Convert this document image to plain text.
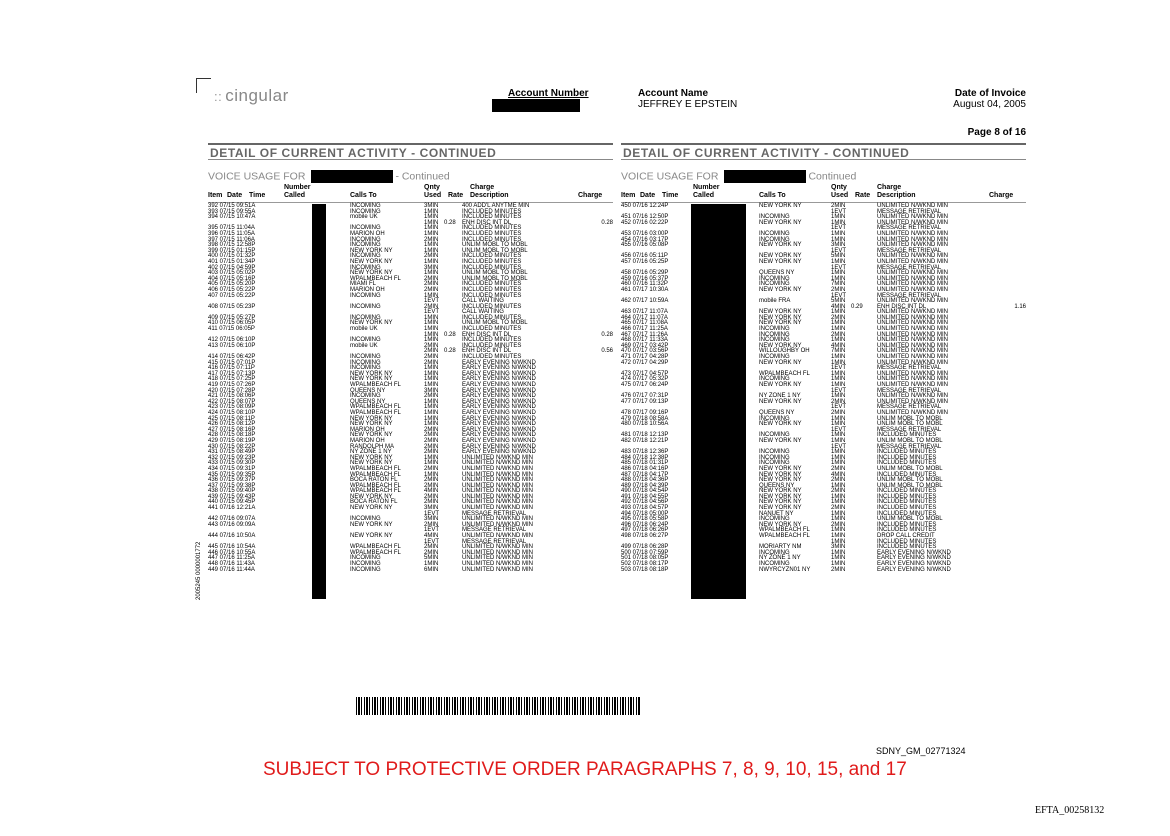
:: cingular	Account Number	Account Name
JEFFREY E EPSTEIN
Date of Invoice
August 04, 2005
Page 8 of 16
DETAIL OF CURRENT ACTIVITY - CONTINUED
VOICE USAGE FOR	- Continued
Number
Item Date Time	Called	Calls To
Qnty
Used Rate
Charge
Description	Charge
392 07/15 09:51A	INCOMING	3MIN	400 ADD'L ANYTME MIN
393 07/15 09:55A	INCOMING	1MIN	INCLUDED MINUTES
394 07/15 10:47A	mobile UK	1MIN	INCLUDED MINUTES
1MIN 0.28 ENH DISC INT DL	0.28
395 07/15 11:04A	INCOMING	1MIN	INCLUDED MINUTES
396 07/15 11:05A	MARION OH	1MIN	INCLUDED MINUTES
397 07/15 11:06A	INCOMING	2MIN	INCLUDED MINUTES
398 07/15 12:58P	INCOMING	1MIN	UNLIM MOBL TO MOBL
399 07/15 01:15P	NEW YORK NY	1MIN	UNLIM MOBL TO MOBL
400 07/15 01:32P	INCOMING	2MIN	INCLUDED MINUTES
401 07/15 01:34P	NEW YORK NY	1MIN	INCLUDED MINUTES
402 07/15 04:59P	INCOMING	3MIN	INCLUDED MINUTES
403 07/15 05:02P	NEW YORK NY	1MIN	UNLIM MOBL TO MOBL
404 07/15 05:16P	WPALMBEACH FL	2MIN	UNLIM MOBL TO MOBL
405 07/15 05:20P	MIAMI FL	2MIN	INCLUDED MINUTES
406 07/15 05:22P	MARION OH	2MIN	INCLUDED MINUTES
407 07/15 05:22P	INCOMING	1MIN	INCLUDED MINUTES
1EVT	CALL WAITING
408 07/15 05:23P	INCOMING	2MIN	INCLUDED MINUTES
1EVT	CALL WAITING
409 07/15 05:27P	INCOMING	1MIN	INCLUDED MINUTES
410 07/15 06:05P	NEW YORK NY	1MIN	UNLIM MOBL TO MOBL
411 07/15 06:05P	mobile UK	1MIN	INCLUDED MINUTES
1MIN 0.28 ENH DISC INT DL	0.28
412 07/15 06:10P	INCOMING	1MIN	INCLUDED MINUTES
413 07/15 06:10P	mobile UK	2MIN	INCLUDED MINUTES
2MIN 0.28 ENH DISC INT DL	0.56
414 07/15 06:42P	INCOMING	2MIN	INCLUDED MINUTES
415 07/15 07:01P	INCOMING	2MIN	EARLY EVENING N/WKND
416 07/15 07:11P	INCOMING	1MIN	EARLY EVENING N/WKND
417 07/15 07:13P	NEW YORK NY	1MIN	EARLY EVENING N/WKND
418 07/15 07:25P	NEW YORK NY	1MIN	EARLY EVENING N/WKND
419 07/15 07:26P	WPALMBEACH FL	1MIN	EARLY EVENING N/WKND
420 07/15 07:28P	QUEENS NY	3MIN	EARLY EVENING N/WKND
421 07/15 08:06P	INCOMING	2MIN	EARLY EVENING N/WKND
422 07/15 08:07P	QUEENS NY	1MIN	EARLY EVENING N/WKND
423 07/15 08:09P	WPALMBEACH FL	1MIN	EARLY EVENING N/WKND
424 07/15 08:10P	WPALMBEACH FL	1MIN	EARLY EVENING N/WKND
425 07/15 08:11P	NEW YORK NY	1MIN	EARLY EVENING N/WKND
426 07/15 08:12P	NEW YORK NY	1MIN	EARLY EVENING N/WKND
427 07/15 08:16P	MARION OH	2MIN	EARLY EVENING N/WKND
428 07/15 08:18P	NEW YORK NY	2MIN	EARLY EVENING N/WKND
429 07/15 08:19P	MARION OH	2MIN	EARLY EVENING N/WKND
430 07/15 08:22P	RANDOLPH MA	2MIN	EARLY EVENING N/WKND
431 07/15 08:49P	NY ZONE 1 NY	2MIN	EARLY EVENING N/WKND
432 07/15 09:23P	NEW YORK NY	1MIN	UNLIMITED N/WKND MIN
433 07/15 09:30P	NEW YORK NY	1MIN	UNLIMITED N/WKND MIN
434 07/15 09:31P	WPALMBEACH FL	2MIN	UNLIMITED N/WKND MIN
435 07/15 09:35P	WPALMBEACH FL	1MIN	UNLIMITED N/WKND MIN
436 07/15 09:37P	BOCA RATON FL	2MIN	UNLIMITED N/WKND MIN
437 07/15 09:38P	WPALMBEACH FL	2MIN	UNLIMITED N/WKND MIN
438 07/15 09:40P	WPALMBEACH FL	4MIN	UNLIMITED N/WKND MIN
439 07/15 09:43P	NEW YORK NY	2MIN	UNLIMITED N/WKND MIN
440 07/15 09:45P	BOCA RATON FL	2MIN	UNLIMITED N/WKND MIN
441 07/16 12:21A	NEW YORK NY	3MIN	UNLIMITED N/WKND MIN
1EVT	MESSAGE RETRIEVAL
442 07/16 09:07A	INCOMING	3MIN	UNLIMITED N/WKND MIN
443 07/16 09:09A	NEW YORK NY	2MIN	UNLIMITED N/WKND MIN
1EVT	MESSAGE RETRIEVAL
444 07/16 10:50A	NEW YORK NY	4MIN	UNLIMITED N/WKND MIN
1EVT	MESSAGE RETRIEVAL
445 07/16 10:54A	WPALMBEACH FL	2MIN	UNLIMITED N/WKND MIN
446 07/16 10:55A	WPALMBEACH FL	2MIN	UNLIMITED N/WKND MIN
447 07/16 11:25A	INCOMING	5MIN	UNLIMITED N/WKND MIN
448 07/16 11:43A	INCOMING	1MIN	UNLIMITED N/WKND MIN
449 07/16 11:44A	INCOMING	6MIN	UNLIMITED N/WKND MIN
DETAIL OF CURRENT ACTIVITY - CONTINUED
VOICE USAGE FOR	Continued
Number
Item Date Time Called	Calls To
Qnty
Used Rate
Charge
Description	Charge
450 07/16 12:24P	NEW YORK NY	2MIN	UNLIMITED N/WKND MIN
1EVT	MESSAGE RETRIEVAL
451 07/16 12:50P	INCOMING	1MIN	UNLIMITED N/WKND MIN
452 07/16 02:22P	NEW YORK NY	1MIN	UNLIMITED N/WKND MIN
1EVT	MESSAGE RETRIEVAL
453 07/16 03:00P	INCOMING	1MIN	UNLIMITED N/WKND MIN
454 07/16 03:17P	INCOMING	1MIN	UNLIMITED N/WKND MIN
455 07/16 05:08P	NEW YORK NY	3MIN	UNLIMITED N/WKND MIN
1EVT	MESSAGE RETRIEVAL
456 07/16 05:11P	NEW YORK NY	5MIN	UNLIMITED N/WKND MIN
457 07/16 05:25P	NEW YORK NY	1MIN	UNLIMITED N/WKND MIN
1EVT	MESSAGE RETRIEVAL
458 07/16 05:29P	QUEENS NY	1MIN	UNLIMITED N/WKND MIN
459 07/16 05:37P	INCOMING	1MIN	UNLIMITED N/WKND MIN
460 07/16 11:32P	INCOMING	7MIN	UNLIMITED N/WKND MIN
461 07/17 10:30A	NEW YORK NY	2MIN	UNLIMITED N/WKND MIN
1EVT	MESSAGE RETRIEVAL
462 07/17 10:59A	mobile FRA	5MIN	UNLIMITED N/WKND MIN
4MIN 0.29 ENH DISC INT DL	1.16
463 07/17 11:07A	NEW YORK NY	1MIN	UNLIMITED N/WKND MIN
464 07/17 11:07A	NEW YORK NY	2MIN	UNLIMITED N/WKND MIN
465 07/17 11:08A	NEW YORK NY	1MIN	UNLIMITED N/WKND MIN
466 07/17 11:25A	INCOMING	1MIN	UNLIMITED N/WKND MIN
467 07/17 11:26A	INCOMING	2MIN	UNLIMITED N/WKND MIN
468 07/17 11:33A	INCOMING	1MIN	UNLIMITED N/WKND MIN
469 07/17 03:42P	NEW YORK NY	4MIN	UNLIMITED N/WKND MIN
470 07/17 03:56P	WILLOUGHBY OH	7MIN	UNLIMITED N/WKND MIN
471 07/17 04:28P	INCOMING	1MIN	UNLIMITED N/WKND MIN
472 07/17 04:29P	NEW YORK NY	1MIN	UNLIMITED N/WKND MIN
1EVT	MESSAGE RETRIEVAL
473 07/17 04:57P	WPALMBEACH FL	1MIN	UNLIMITED N/WKND MIN
474 07/17 05:32P	INCOMING	1MIN	UNLIMITED N/WKND MIN
475 07/17 06:24P	NEW YORK NY	1MIN	UNLIMITED N/WKND MIN
1EVT	MESSAGE RETRIEVAL
476 07/17 07:31P	NY ZONE 1 NY	1MIN	UNLIMITED N/WKND MIN
477 07/17 09:13P	NEW YORK NY	2MIN	UNLIMITED N/WKND MIN
1EVT	MESSAGE RETRIEVAL
478 07/17 09:16P	QUEENS NY	2MIN	UNLIMITED N/WKND MIN
479 07/18 08:58A	INCOMING	1MIN	UNLIM MOBL TO MOBL
480 07/18 10:56A	NEW YORK NY	1MIN	UNLIM MOBL TO MOBL
1EVT	MESSAGE RETRIEVAL
481 07/18 12:13P	INCOMING	1MIN	INCLUDED MINUTES
482 07/18 12:21P	NEW YORK NY	1MIN	UNLIM MOBL TO MOBL
1EVT	MESSAGE RETRIEVAL
483 07/18 12:36P	INCOMING	1MIN	INCLUDED MINUTES
484 07/18 12:38P	INCOMING	1MIN	INCLUDED MINUTES
485 07/18 01:31P	INCOMING	1MIN	INCLUDED MINUTES
486 07/18 04:16P	NEW YORK NY	2MIN	UNLIM MOBL TO MOBL
487 07/18 04:17P	NEW YORK NY	4MIN	INCLUDED MINUTES
488 07/18 04:36P	NEW YORK NY	2MIN	UNLIM MOBL TO MOBL
489 07/18 04:39P	QUEENS NY	1MIN	UNLIM MOBL TO MOBL
490 07/18 04:54P	NEW YORK NY	2MIN	INCLUDED MINUTES
491 07/18 04:55P	NEW YORK NY	1MIN	INCLUDED MINUTES
492 07/18 04:56P	NEW YORK NY	1MIN	INCLUDED MINUTES
493 07/18 04:57P	NEW YORK NY	2MIN	INCLUDED MINUTES
494 07/18 05:00P	NANUET NY	1MIN	INCLUDED MINUTES
495 07/18 05:58P	INCOMING	1MIN	UNLIM MOBL TO MOBL
496 07/18 06:24P	NEW YORK NY	2MIN	INCLUDED MINUTES
497 07/18 06:26P	WPALMBEACH FL	1MIN	INCLUDED MINUTES
498 07/18 06:27P	WPALMBEACH FL	1MIN	DROP CALL CREDIT
1MIN	INCLUDED MINUTES
499 07/18 06:28P	MORIARTY NM	3MIN	INCLUDED MINUTES
500 07/18 07:59P	INCOMING	1MIN	EARLY EVENING N/WKND
501 07/18 08:05P	NY ZONE 1 NY	1MIN	EARLY EVENING N/WKND
502 07/18 08:17P	INCOMING	1MIN	EARLY EVENING N/WKND
503 07/18 08:18P	NWYRCYZN01 NY	2MIN	EARLY EVENING N/WKND
2005245 0000001772
SDNY_GM_02771324
SUBJECT TO PROTECTIVE ORDER PARAGRAPHS 7, 8, 9, 10, 15, and 17
EFTA_00258132
